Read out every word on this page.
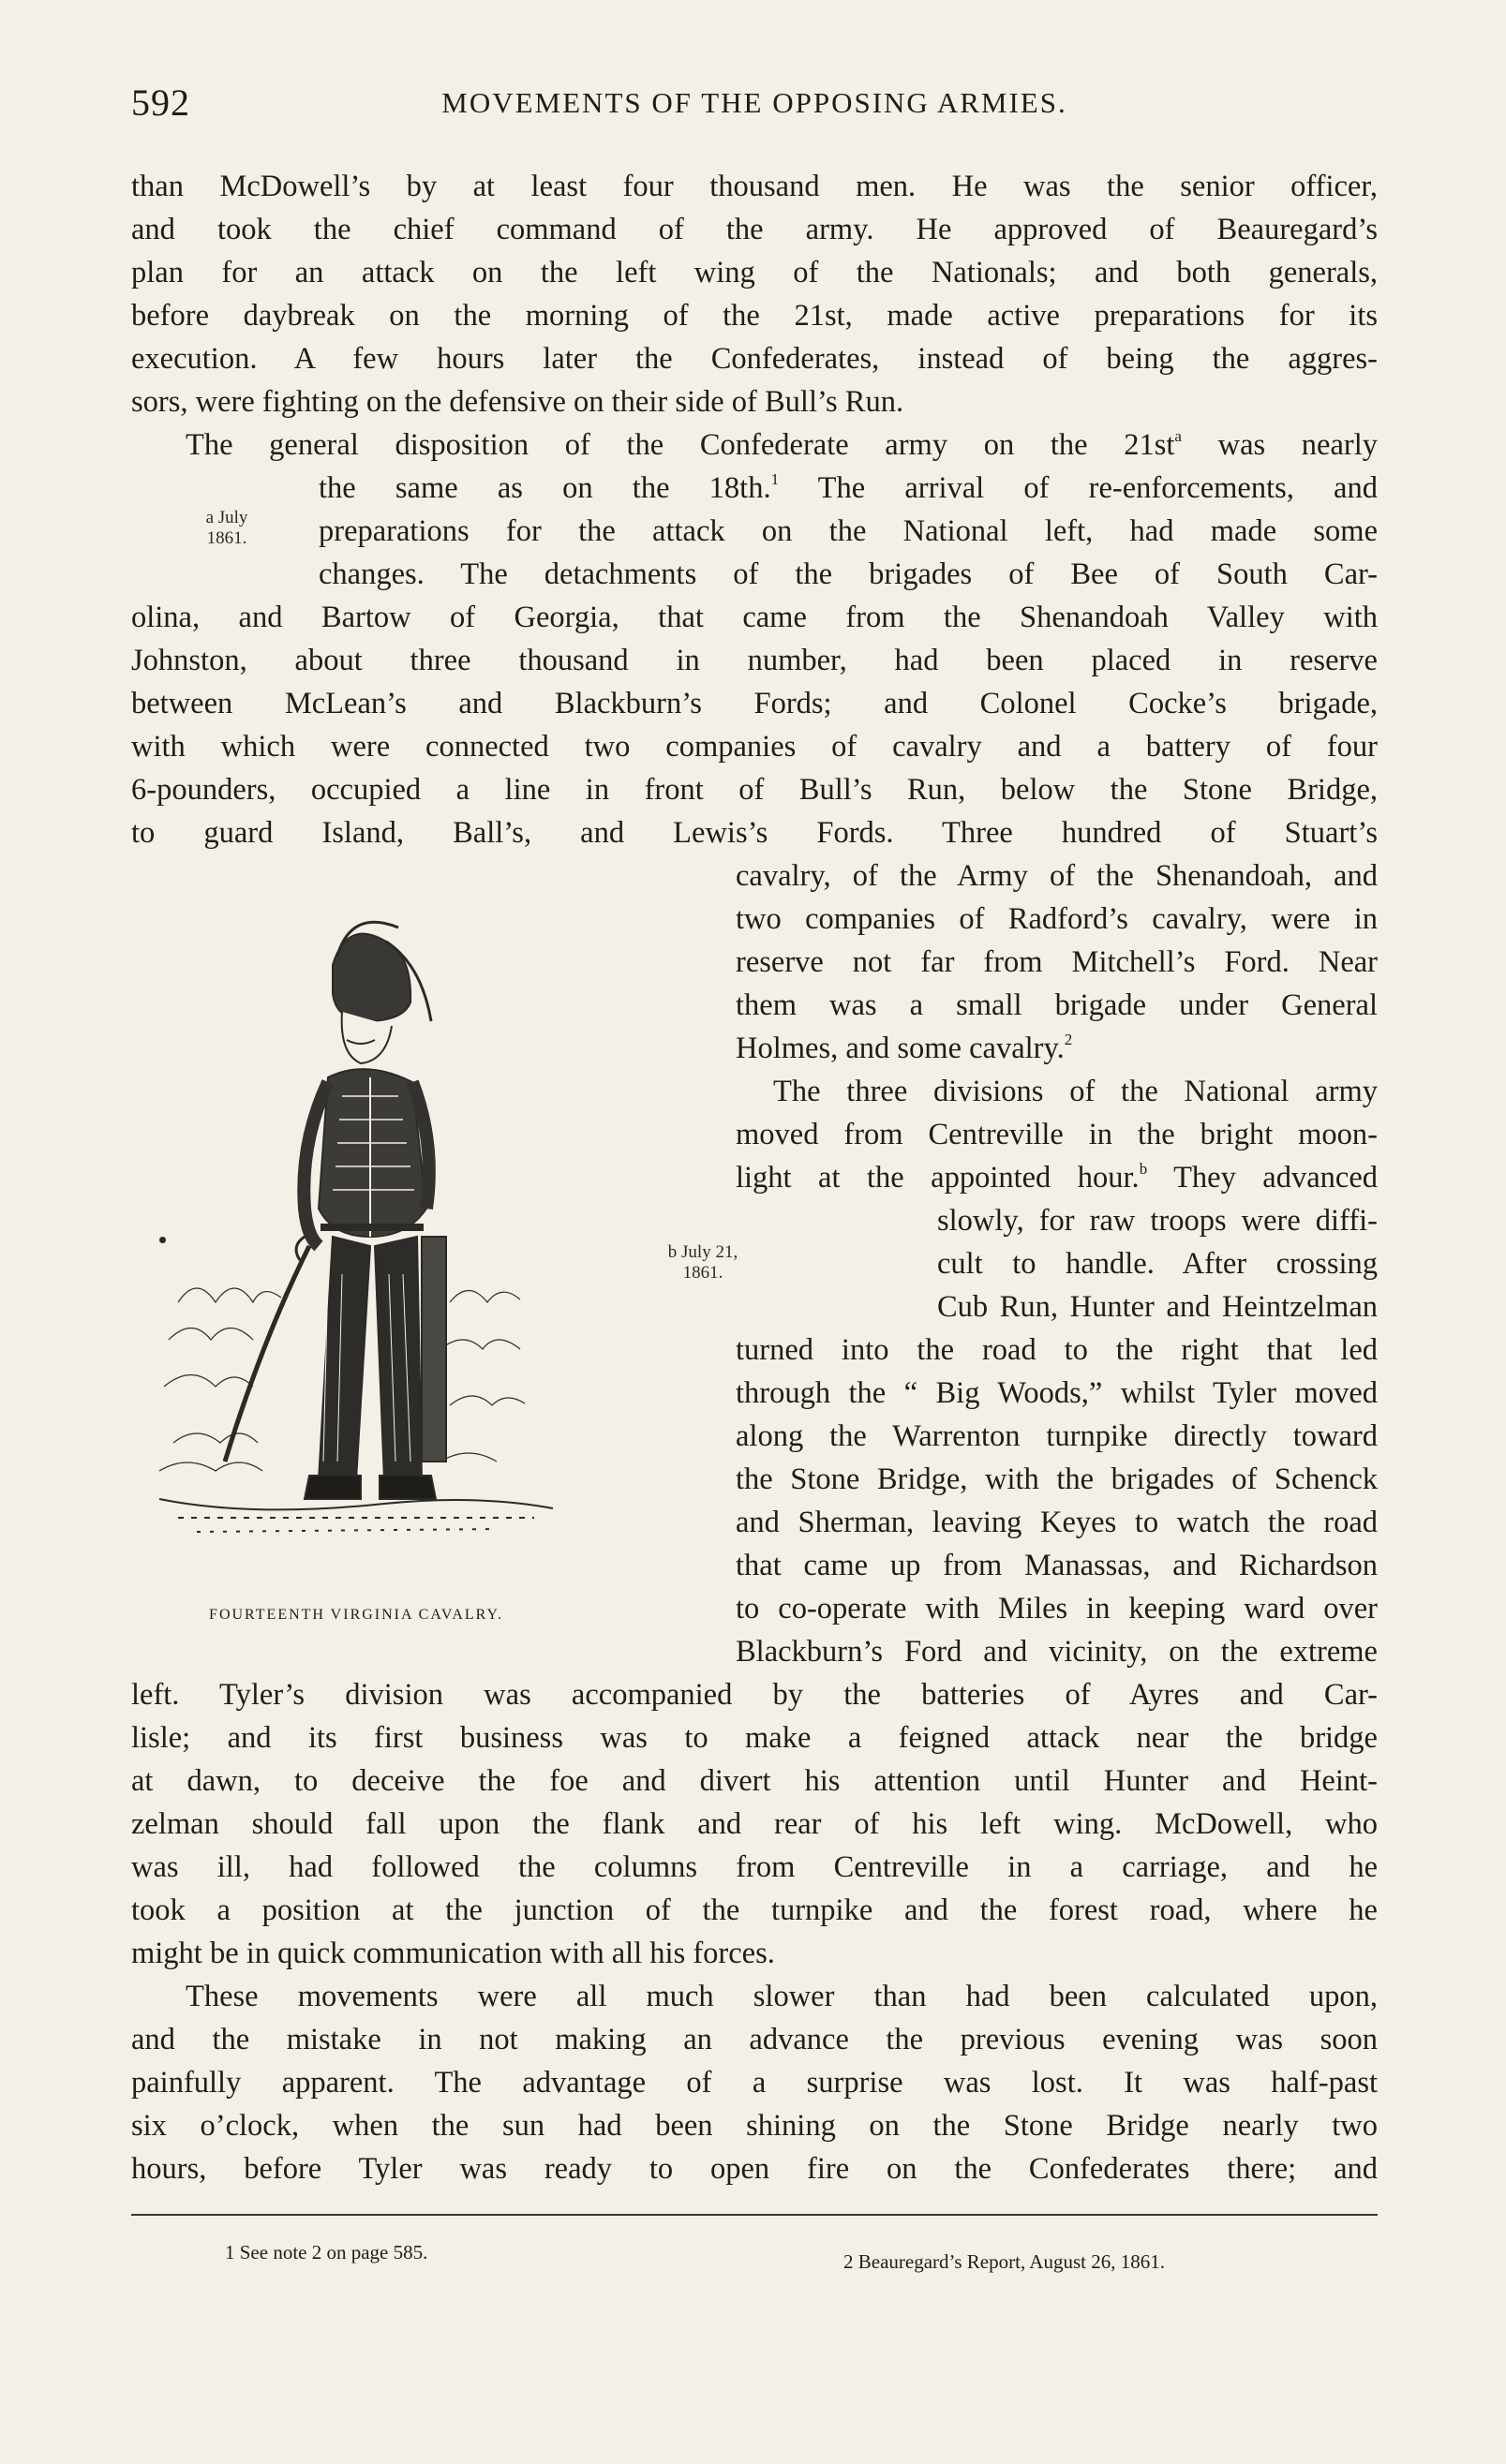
592	MOVEMENTS OF THE OPPOSING ARMIES.
than McDowell’s by at least four thousand men. He was the senior officer,
and took the chief command of the army. He approved of Beauregard’s
plan for an attack on the left wing of the Nationals; and both generals,
before daybreak on the morning of the 21st, made active preparations for its
execution. A few hours later the Confederates, instead of being the aggres-
sors, were fighting on the defensive on their side of Bull’s Run.
The general disposition of the Confederate army on the $21st^a$ was nearly
the same as on the 18th.$^1$ The arrival of re-enforcements, and
preparations for the attack on the National left, had made some
changes. The detachments of the brigades of Bee of South Car-
olina, and Bartow of Georgia, that came from the Shenandoah Valley with
Johnston, about three thousand in number, had been placed in reserve
between McLean’s and Blackburn’s Fords; and Colonel Cocke’s brigade,
with which were connected two companies of cavalry and a battery of four
6-pounders, occupied a line in front of Bull’s Run, below the Stone Bridge,
to guard Island, Ball’s, and Lewis’s Fords. Three hundred of Stuart’s
cavalry, of the Army of the Shenandoah, and
two companies of Radford’s cavalry, were in
reserve not far from Mitchell’s Ford. Near
them was a small brigade under General
Holmes, and some cavalry.$^2$
The three divisions of the National army
moved from Centreville in the bright moon-
light at the appointed hour.$^b$ They advanced
slowly, for raw troops were diffi-
cult to handle. After crossing
Cub Run, Hunter and Heintzelman
turned into the road to the right that led
through the “ Big Woods,” whilst Tyler moved
along the Warrenton turnpike directly toward
the Stone Bridge, with the brigades of Schenck
and Sherman, leaving Keyes to watch the road
that came up from Manassas, and Richardson
to co-operate with Miles in keeping ward over
Blackburn’s Ford and vicinity, on the extreme
left. Tyler’s division was accompanied by the batteries of Ayres and Car-
lisle; and its first business was to make a feigned attack near the bridge
at dawn, to deceive the foe and divert his attention until Hunter and Heint-
zelman should fall upon the flank and rear of his left wing. McDowell, who
was ill, had followed the columns from Centreville in a carriage, and he
took a position at the junction of the turnpike and the forest road, where he
might be in quick communication with all his forces.
These movements were all much slower than had been calculated upon,
and the mistake in not making an advance the previous evening was soon
painfully apparent. The advantage of a surprise was lost. It was half-past
six o’clock, when the sun had been shining on the Stone Bridge nearly two
hours, before Tyler was ready to open fire on the Confederates there; and
a July
1861.
b July 21,
1861.
FOURTEENTH VIRGINIA CAVALRY.
1 See note 2 on page 585.	2 Beauregard’s Report, August 26, 1861.
